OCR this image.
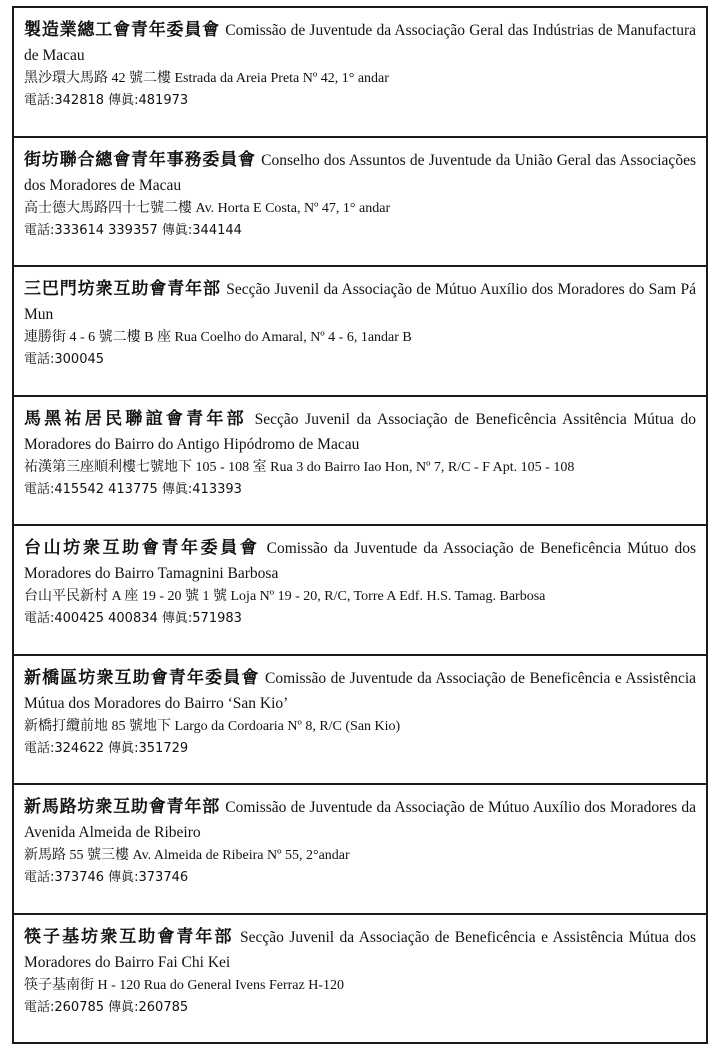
製造業總工會青年委員會 Comissão de Juventude da Associação Geral das Indústrias de Manufactura de Macau

黑沙環大馬路 42 號二樓 Estrada da Areia Preta Nº 42, 1° andar

電話:342818 傳眞:481973

街坊聯合總會青年事務委員會 Conselho dos Assuntos de Juventude da União Geral das Associações dos Moradores de Macau

高士德大馬路四十七號二樓 Av. Horta E Costa, Nº 47, 1° andar

電話:333614 339357 傳眞:344144

三巴門坊衆互助會青年部 Secção Juvenil da Associação de Mútuo Auxílio dos Moradores do Sam Pá Mun

連勝街 4 - 6 號二樓 B 座 Rua Coelho do Amaral, Nº 4 - 6, 1andar B

電話:300045

馬黑祐居民聯誼會青年部 Secção Juvenil da Associação de Beneficência Assitência Mútua do Moradores do Bairro do Antigo Hipódromo de Macau

祐漢第三座順利樓七號地下 105 - 108 室 Rua 3 do Bairro Iao Hon, Nº 7, R/C - F Apt. 105 - 108

電話:415542 413775 傳眞:413393

台山坊衆互助會青年委員會 Comissão da Juventude da Associação de Beneficência Mútuo dos Moradores do Bairro Tamagnini Barbosa

台山平民新村 A 座 19 - 20 號 1 號 Loja Nº 19 - 20, R/C, Torre A Edf. H.S. Tamag. Barbosa

電話:400425 400834 傳眞:571983

新橋區坊衆互助會青年委員會 Comissão de Juventude da Associação de Beneficência e Assistência Mútua dos Moradores do Bairro ‘San Kio’

新橋打纜前地 85 號地下 Largo da Cordoaria Nº 8, R/C (San Kio)

電話:324622 傳眞:351729

新馬路坊衆互助會青年部 Comissão de Juventude da Associação de Mútuo Auxílio dos Moradores da Avenida Almeida de Ribeiro

新馬路 55 號三樓 Av. Almeida de Ribeira Nº 55, 2°andar

電話:373746 傳眞:373746

筷子基坊衆互助會青年部 Secção Juvenil da Associação de Beneficência e Assistência Mútua dos Moradores do Bairro Fai Chi Kei

筷子基南街 H - 120 Rua do General Ivens Ferraz H-120

電話:260785 傳眞:260785
